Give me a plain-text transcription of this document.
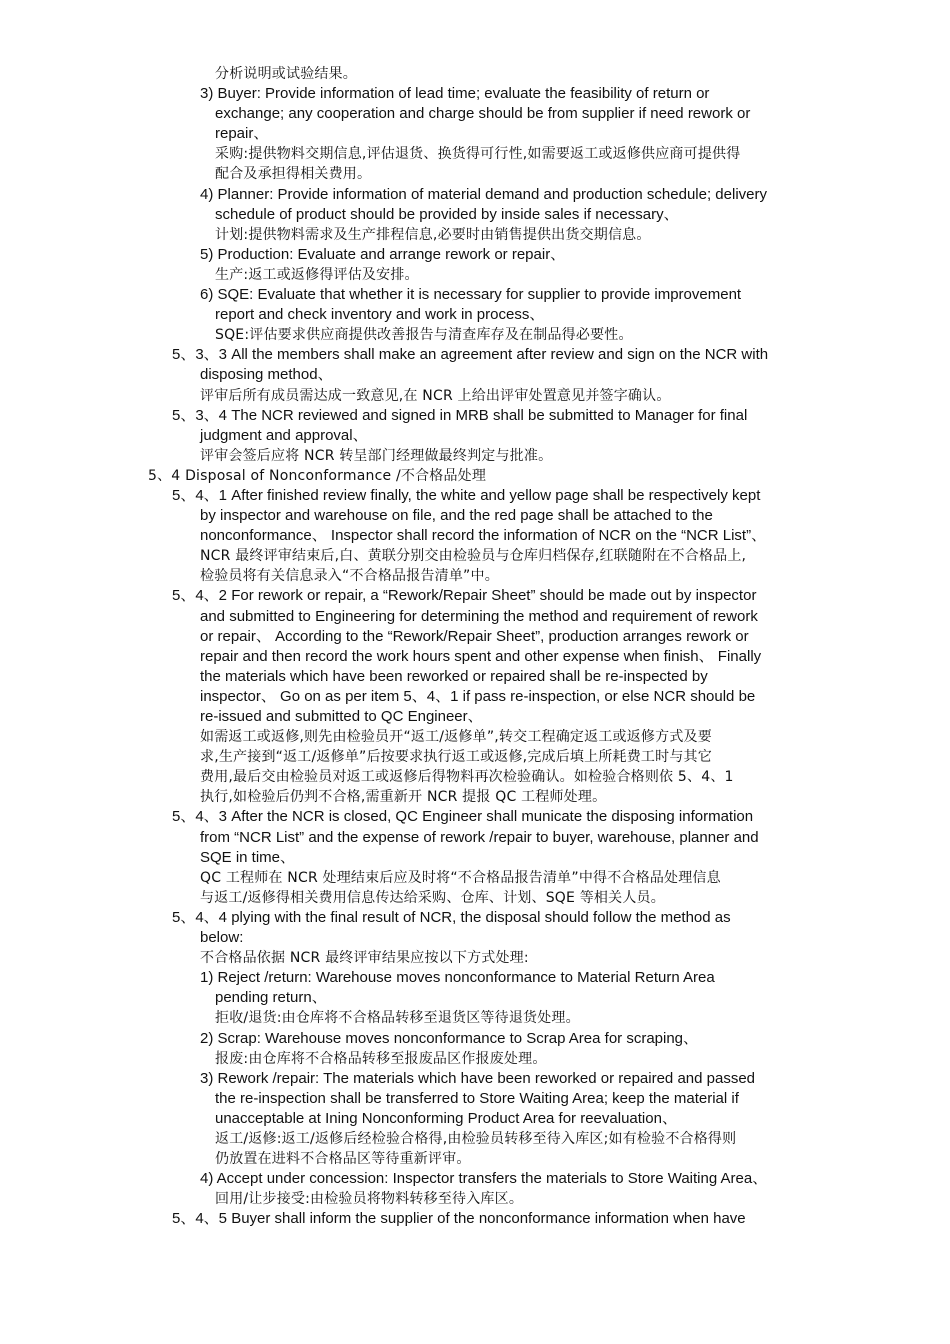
分析说明或试验结果。
3) Buyer: Provide information of lead time; evaluate the feasibility of return or
exchange; any cooperation and charge should be from supplier if need rework or
repair、
采购:提供物料交期信息,评估退货、换货得可行性,如需要返工或返修供应商可提供得
配合及承担得相关费用。
4) Planner: Provide information of material demand and production schedule; delivery
schedule of product should be provided by inside sales if necessary、
计划:提供物料需求及生产排程信息,必要时由销售提供出货交期信息。
5) Production: Evaluate and arrange rework or repair、
生产:返工或返修得评估及安排。
6) SQE: Evaluate that whether it is necessary for supplier to provide improvement
report and check inventory and work in process、
SQE:评估要求供应商提供改善报告与清查库存及在制品得必要性。
5、3、3 All the members shall make an agreement after review and sign on the NCR with
disposing method、
评审后所有成员需达成一致意见,在 NCR 上给出评审处置意见并签字确认。
5、3、4 The NCR reviewed and signed in MRB shall be submitted to Manager for final
judgment and approval、
评审会签后应将 NCR 转呈部门经理做最终判定与批准。
5、4 Disposal of Nonconformance /不合格品处理
5、4、1 After finished review finally, the white and yellow page shall be respectively kept
by inspector and warehouse on file, and the red page shall be attached to the
nonconformance、 Inspector shall record the information of NCR on the “NCR List”、
NCR 最终评审结束后,白、黄联分别交由检验员与仓库归档保存,红联随附在不合格品上,
检验员将有关信息录入“不合格品报告清单”中。
5、4、2 For rework or repair, a “Rework/Repair Sheet” should be made out by inspector
and submitted to Engineering for determining the method and requirement of rework
or repair、 According to the “Rework/Repair Sheet”, production arranges rework or
repair and then record the work hours spent and other expense when finish、 Finally
the materials which have been reworked or repaired shall be re-inspected by
inspector、 Go on as per item 5、4、1 if pass re-inspection, or else NCR should be
re-issued and submitted to QC Engineer、
如需返工或返修,则先由检验员开“返工/返修单”,转交工程确定返工或返修方式及要
求,生产接到“返工/返修单”后按要求执行返工或返修,完成后填上所耗费工时与其它
费用,最后交由检验员对返工或返修后得物料再次检验确认。如检验合格则依 5、4、1
执行,如检验后仍判不合格,需重新开 NCR 提报 QC 工程师处理。
5、4、3 After the NCR is closed, QC Engineer shall municate the disposing information
from “NCR List” and the expense of rework /repair to buyer, warehouse, planner and
SQE in time、
QC 工程师在 NCR 处理结束后应及时将“不合格品报告清单”中得不合格品处理信息
与返工/返修得相关费用信息传达给采购、仓库、计划、SQE 等相关人员。
5、4、4 plying with the final result of NCR, the disposal should follow the method as
below:
不合格品依据 NCR 最终评审结果应按以下方式处理:
1) Reject /return: Warehouse moves nonconformance to Material Return Area
pending return、
拒收/退货:由仓库将不合格品转移至退货区等待退货处理。
2) Scrap: Warehouse moves nonconformance to Scrap Area for scraping、
报废:由仓库将不合格品转移至报废品区作报废处理。
3) Rework /repair: The materials which have been reworked or repaired and passed
the re-inspection shall be transferred to Store Waiting Area; keep the material if
unacceptable at Ining Nonconforming Product Area for reevaluation、
返工/返修:返工/返修后经检验合格得,由检验员转移至待入库区;如有检验不合格得则
仍放置在进料不合格品区等待重新评审。
4) Accept under concession: Inspector transfers the materials to Store Waiting Area、
回用/让步接受:由检验员将物料转移至待入库区。
5、4、5 Buyer shall inform the supplier of the nonconformance information when have
